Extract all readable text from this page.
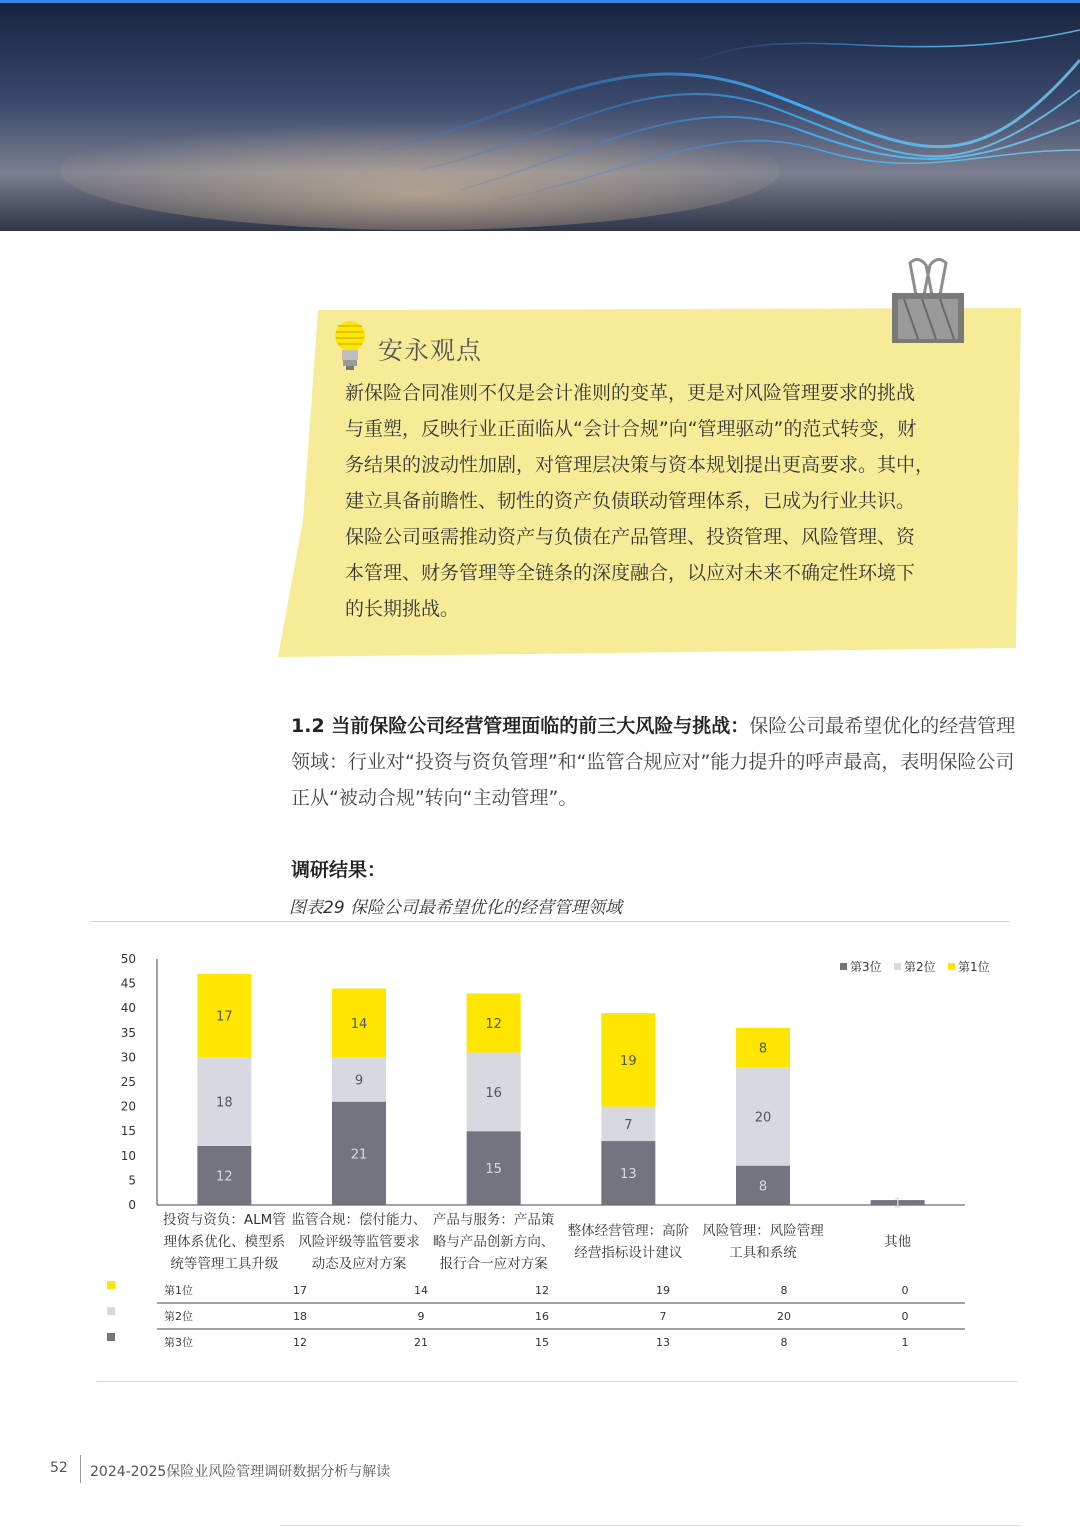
安永观点
新保险合同准则不仅是会计准则的变革，更是对风险管理要求的挑战
与重塑，反映行业正面临从“会计合规”向“管理驱动”的范式转变，财
务结果的波动性加剧，对管理层决策与资本规划提出更高要求。其中，
建立具备前瞻性、韧性的资产负债联动管理体系，已成为行业共识。
保险公司亟需推动资产与负债在产品管理、投资管理、风险管理、资
本管理、财务管理等全链条的深度融合，以应对未来不确定性环境下
的长期挑战。
1.2 当前保险公司经营管理面临的前三大风险与挑战：保险公司最希望优化的经营管理领域：行业对“投资与资负管理”和“监管合规应对”能力提升的呼声最高，表明保险公司正从“被动合规”转向“主动管理”。
调研结果：
图表29 保险公司最希望优化的经营管理领域
0
5
10
15
20
25
30
35
40
45
50
12
18
17
投资与资负：ALM管
理体系优化、模型系
统等管理工具升级
21
9
14
监管合规：偿付能力、
风险评级等监管要求
动态及应对方案
15
16
12
产品与服务：产品策
略与产品创新方向、
报行合一应对方案
13
7
19
整体经营管理：高阶
经营指标设计建议
8
20
8
风险管理：风险管理
工具和系统
1
其他
第3位 第2位 第1位
第1位	17	14	12	19	8	0
第2位	18	9	16	7	20	0
第3位	12	21	15	13	8	1
52 2024-2025保险业风险管理调研数据分析与解读
